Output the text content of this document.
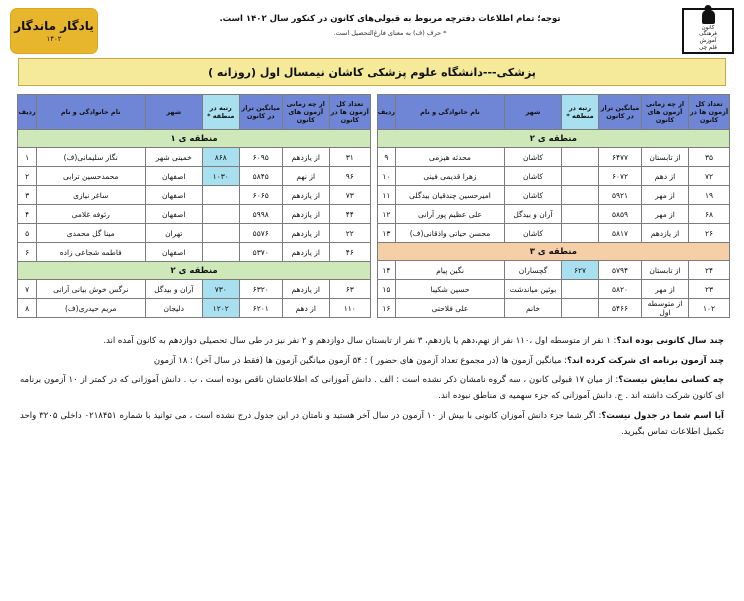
کانون
فرهنگی
آموزش
قلم چی
توجه؛ تمام اطلاعات دفترچه مربوط به قبولی‌های کانون در کنکور سال ۱۴۰۲ است.
* حرف (ف) به معنای فارغ‌التحصیل است.
یادگار ماندگار
۱۴۰۲
پزشکی---دانشگاه علوم پزشکی کاشان نیمسال اول (روزانه )
تعداد کل آزمون ها در کانون	از چه زمانی آزمون های کانون	میانگین تراز در کانون	رتبه در منطقه *	شهر	نام خانوادگی و نام	ردیف
منطقه ی ۲						
۳۵	از تابستان	۶۴۷۷		کاشان	محدثه هیزمی	۹
۷۲	از دهم	۶۰۷۲		کاشان	زهرا قدیمی فینی	۱۰
۱۹	از مهر	۵۹۲۱		کاشان	امیرحسین چندقیان بیدگلی	۱۱
۶۸	از مهر	۵۸۵۹		آران و بیدگل	علی عظیم پور آرانی	۱۲
۲۶	از یازدهم	۵۸۱۷		کاشان	محسن حیاتی واذقانی(ف)	۱۳
منطقه ی ۳						
۲۴	از تابستان	۵۷۹۴	۶۲۷	گچساران	نگین پیام	۱۴
۲۳	از مهر	۵۸۲۰		بوئین میاندشت	حسین شکیبا	۱۵
۱۰۲	از متوسطه اول	۵۴۶۶		خانم	علی فلاحتی	۱۶
تعداد کل آزمون ها در کانون	از چه زمانی آزمون های کانون	میانگین تراز در کانون	رتبه در منطقه *	شهر	نام خانوادگی و نام	ردیف
منطقه ی ۱						
۳۱	از یازدهم	۶۰۹۵	۸۶۸	خمینی شهر	نگار سلیمانی(ف)	۱
۹۶	از نهم	۵۸۴۵	۱۰۳۰	اصفهان	محمدحسین ترابی	۲
۷۳	از یازدهم	۶۰۶۵		اصفهان	ساغر نیازی	۳
۴۴	از یازدهم	۵۹۹۸		اصفهان	رئوفه غلامی	۴
۲۲	از یازدهم	۵۵۷۶		تهران	مینا گل محمدی	۵
۴۶	از یازدهم	۵۳۷۰		اصفهان	فاطمه شجاعی زاده	۶
منطقه ی ۲						
۶۳	از یازدهم	۶۳۲۰	۷۳۰	آران و بیدگل	نرگس خوش بیانی آرانی	۷
۱۱۰	از دهم	۶۲۰۱	۱۲۰۲	دلیجان	مریم حیدری(ف)	۸

چند سال کانونی بوده اند؟: ۱ نفر از متوسطه اول ،۱۱۰ نفر از نهم،دهم یا یازدهم، ۳ نفر از تابستان سال دوازدهم و ۲ نفر نیز در طی سال تحصیلی دوازدهم به کانون آمده اند.

چند آزمون برنامه ای شرکت کرده اند؟: میانگین آزمون ها (در مجموع تعداد آزمون های حضور ) : ۵۴ آزمون میانگین آزمون ها (فقط در سال آخر) : ۱۸ آزمون

چه کسانی نمایش نیست؟: از میان ۱۷ قبولی کانون ، سه گروه نامشان ذکر نشده است : الف . دانش آموزانی که اطلاعاتشان ناقص بوده است ، ب . دانش آموزانی که در کمتر از ۱۰ آزمون برنامه ای کانون شرکت داشته اند . ج. دانش آموزانی که جزء سهمیه ی مناطق نبوده اند.

آیا اسم شما در جدول نیست؟: اگر شما جزء دانش آموزان کانونی با بیش از ۱۰ آزمون در سال آخر هستید و نامتان در این جدول درج نشده است ، می توانید با شماره ۰۲۱۸۴۵۱ داخلی ۳۲۰۵ واحد تکمیل اطلاعات تماس بگیرید.
